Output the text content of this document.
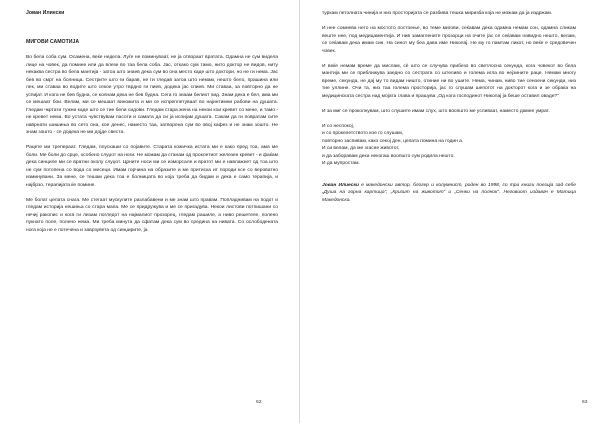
Јован Илиески
МИГОВИ САМОТИЈА

Во бела соба сум. Осамена, веќе недела. Луѓе не поминуваат, не ја отвораат вратата. Одамна не сум видела лице на човек, да помине или да влезе во таа бела соба. Јас, откако сум тамо, нито доктор не видов, ниту некаква сестра во бела мантија - затоа што знаев дека сум во она место каде што доктори, но не ги нема. Јас бев во смрт на болница. Сестрите што ги барав, не ги гледав затоа што немам, нешто бело, прашина или лек, ми ставаа во водите што секое утро тврдно ги пиев, додека јас спиев. Ми ставаа, за повторно да не успијат. И кога не бев будна, се колнам дека не бев будна. Сега го знаам белиот ѕид. Знам дека е бел, ама ми се мешаат бои. Велам, ми се мешаат виножита и ми се испреплетуваат во најинтимни рабови на душата. Гледам чкртати тужни каде што се тие бели сидови. Гледам стара жена на некои кои кревет со мене, и тамо - не кревет нема. Во устата чувствувам пасоти и самата да си ја испијам душата. Сакам да ги повратам сите наврнати шишиња во сето она, кое денес, наместо таа, затворена сум во овој кафез и не знам зошто. Не знам зошто - се додека не ми дојде свеста.

Рацете ми трепераат. Гледам, плускаши со појавите. Старата кожичка истата ми е како пред тоа, ама ме боли. Ме боли до срце, особено слуџот на ноги. Не можам да станам од проклетиот железен кревет - и фаќам дека синциле ми се вратни околу слуџот. Црните носи ми се изморсале и вратот ми е навлажнет од тоа што не сум потопена со вода со месеци. Имам горчина на образите и ме притиска ит породи ксе со вероватно изминувани. За мене, се тешам дека тоа е болницата во која треба да бидам и дека е само терапија, и најбрзо, терапијата ќе помине.

Ме болат целата снага. Ме стегаат мускулите разлабавени и ме знам што правам. Попладнивам на подот и гледам историја нешиња со стара мапа. Ме се придружува и ме се пригадува. Некои листови потпишани со нечиј ракопис и кога ги лизам погледот на најмалиот прозорец, гледам рашиле, а ниво решетеле, полено пукнато поле, полено нема. Ми треба минута да сфатам дека сум во средина на нивата. Со ослободената нога која не е потечена и заврзувета од синџирите, ја

62

туркам петолната чинија и низ просторијата се разбива тешка миризба која не можам да ја издржам.

И нее сомнева нето на мостото постоење, во теме мигови, сеќавам дека одамна немам сон, одамна сликам веште нее, под медицаментија. И нив замаглените прозорци на очите јас се сеќавам навидно нешто, велам, се сеќавам дека имам син. На синот му беа дава име Николај. Не му го памтам ликот, но веќе е средовечен човек.

И веќе немам време да мислам, сè што се случува прибезо во светлосна секунда, кога човекот во бела мантија ми се приближува заедно со сестрата со штеливо и голема игла во нејзините раце. Немам многу време, секунда, не дај му то видам ништо, отиние ни во ушите. Нема, чинам, ниво тие сеноени секунди, низ тие уллине. Очи та, низ таа голема просторија, јас го слушам шепотот на докторот кога и зе обраќа на медицинската сестра над мојата глава и прашува „Од кога господинот Николај ја беше оставил оваде?“

И за миг се проколнувам, што слушите имам слух, што воопшто ме усливаат, наместо дамне умрат.

И со неспокој,
и со прокелетството кое го слушам,
повторно заспивам, како секој ден, целата помина на годин а.
И си велам, да ме згасне животот,
и да заборавам дека некогаш воопшто сум родила нешто.
И да мупростам.

Јован Илиески е македонски автор, блогер и колумнист, роден во 1998, со три книги поезија зад себе „Душа на горна картица“, „Кризит на животот“ и „Сенки на полнок“. Неговиот издавач е Матица Македонска.

63
